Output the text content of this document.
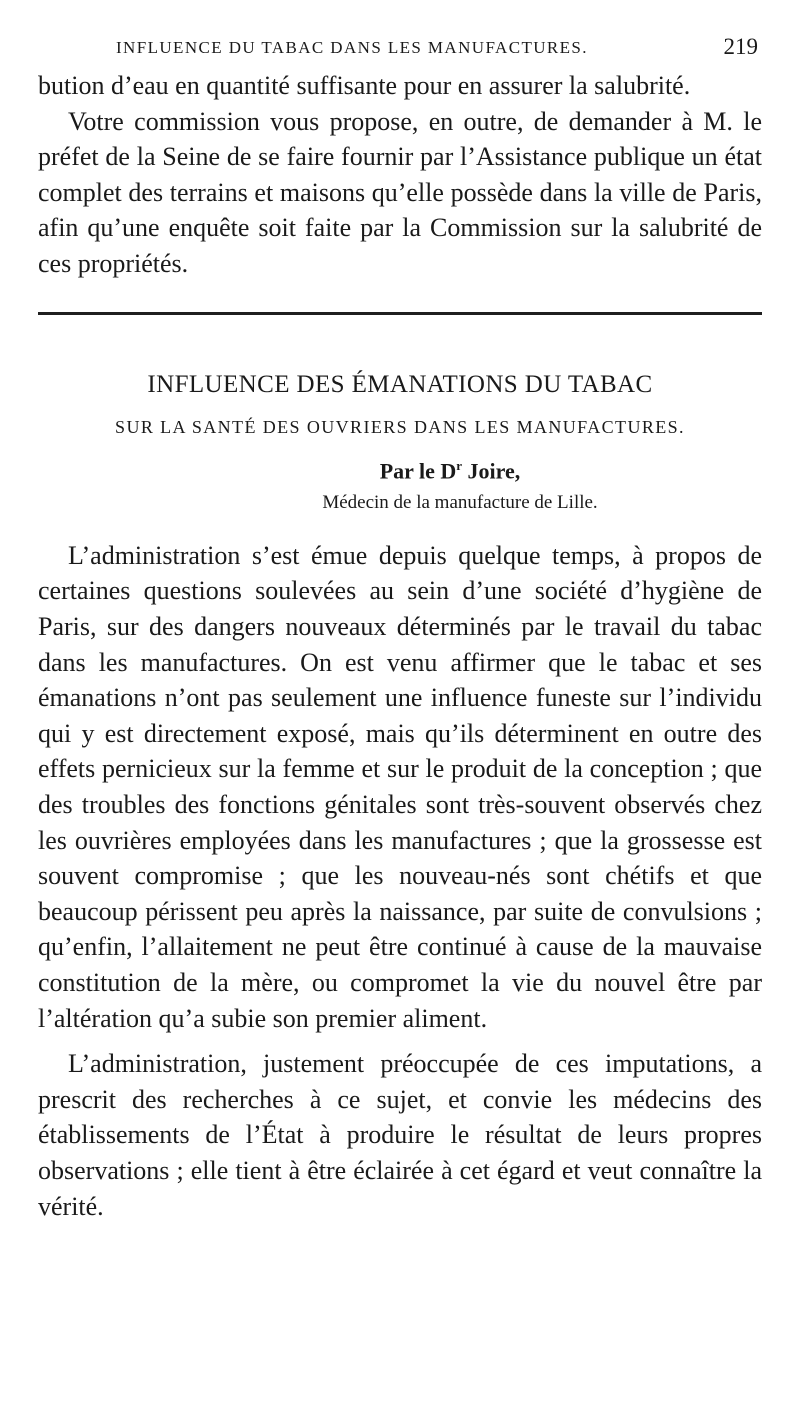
INFLUENCE DU TABAC DANS LES MANUFACTURES.	219

bution d’eau en quantité suffisante pour en assurer la salubrité.

Votre commission vous propose, en outre, de demander à M. le préfet de la Seine de se faire fournir par l’Assistance publique un état complet des terrains et maisons qu’elle possède dans la ville de Paris, afin qu’une enquête soit faite par la Commission sur la salubrité de ces propriétés.

INFLUENCE DES ÉMANATIONS DU TABAC
SUR LA SANTÉ DES OUVRIERS DANS LES MANUFACTURES.
Par le $D^r$ Joire,
Médecin de la manufacture de Lille.

L’administration s’est émue depuis quelque temps, à propos de certaines questions soulevées au sein d’une société d’hygiène de Paris, sur des dangers nouveaux déterminés par le travail du tabac dans les manufactures. On est venu affirmer que le tabac et ses émanations n’ont pas seulement une influence funeste sur l’individu qui y est directement exposé, mais qu’ils déterminent en outre des effets pernicieux sur la femme et sur le produit de la conception ; que des troubles des fonctions génitales sont très-souvent observés chez les ouvrières employées dans les manufactures ; que la grossesse est souvent compromise ; que les nouveau-nés sont chétifs et que beaucoup périssent peu après la naissance, par suite de convulsions ; qu’enfin, l’allaitement ne peut être continué à cause de la mauvaise constitution de la mère, ou compromet la vie du nouvel être par l’altération qu’a subie son premier aliment.

L’administration, justement préoccupée de ces imputations, a prescrit des recherches à ce sujet, et convie les médecins des établissements de l’État à produire le résultat de leurs propres observations ; elle tient à être éclairée à cet égard et veut connaître la vérité.
